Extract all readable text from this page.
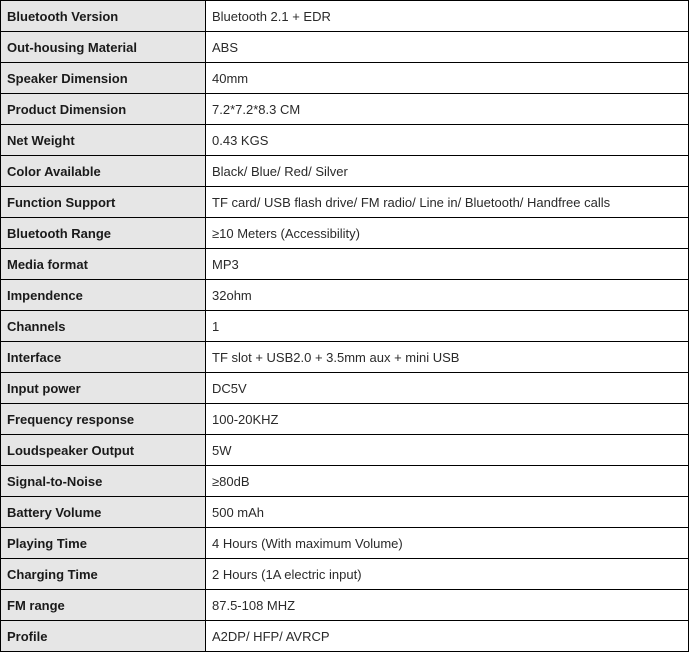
Bluetooth Version	Bluetooth 2.1 + EDR
Out-housing Material	ABS
Speaker Dimension	40mm
Product Dimension	7.2*7.2*8.3 CM
Net Weight	0.43 KGS
Color Available	Black/ Blue/ Red/ Silver
Function Support	TF card/ USB flash drive/ FM radio/ Line in/ Bluetooth/ Handfree calls
Bluetooth Range	≥10 Meters (Accessibility)
Media format	MP3
Impendence	32ohm
Channels	1
Interface	TF slot + USB2.0 + 3.5mm aux + mini USB
Input power	DC5V
Frequency response	100-20KHZ
Loudspeaker Output	5W
Signal-to-Noise	≥80dB
Battery Volume	500 mAh
Playing Time	4 Hours (With maximum Volume)
Charging Time	2 Hours (1A electric input)
FM range	87.5-108 MHZ
Profile	A2DP/ HFP/ AVRCP
